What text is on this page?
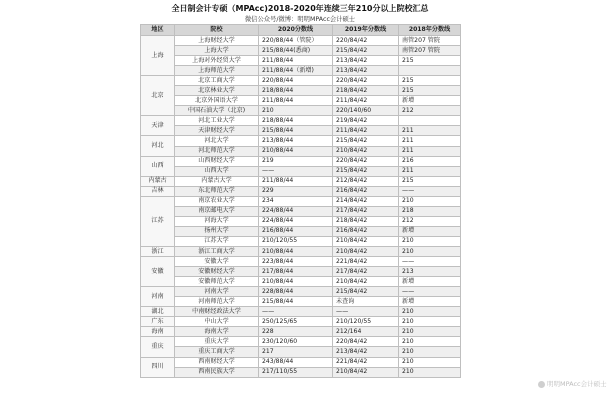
全日制会计专硕（MPAcc)2018-2020年连续三年210分以上院校汇总
微信公众号/微博：明明MPAcc会计硕士
地区	院校	2020分数线	2019年分数线	2018年分数线
上海	上海财经大学	220/88/44（管院）	220/84/42	南管207 管院
	上海大学	215/88/44(悉商)	215/84/42	南管207 管院
	上海对外经贸大学	211/88/44	213/84/42	215
	上海师范大学	211/88/44（新增)	213/84/42	
北京	北京工商大学	220/88/44	220/84/42	215
	北京林业大学	218/88/44	218/84/42	215
	北京外国语大学	211/88/44	211/84/42	新增
	中国石油大学（北京)	210	220/140/60	212
天津	河北工业大学	218/88/44	219/84/42	
	天津财经大学	215/88/44	211/84/42	211
河北	河北大学	213/88/44	215/84/42	211
	河北师范大学	210/88/44	210/84/42	211
山西	山西财经大学	219	220/84/42	216
	山西大学	——	215/84/42	211
内蒙古	内蒙古大学	211/88/44	212/84/42	215
吉林	东北师范大学	229	216/84/42	——
江苏	南京农业大学	234	214/84/42	210
	南京邮电大学	224/88/44	217/84/42	218
	河海大学	224/88/44	218/84/42	212
	扬州大学	216/88/44	216/84/42	新增
	江苏大学	210/120/55	210/84/42	210
浙江	浙江工商大学	210/88/44	210/84/42	210
安徽	安徽大学	223/88/44	221/84/42	——
	安徽财经大学	217/88/44	217/84/42	213
	安徽师范大学	210/88/44	210/84/42	新增
河南	河南大学	228/88/44	215/84/42	——
	河南师范大学	215/88/44	未查询	新增
湖北	中南财经政法大学	——	——	210
广东	中山大学	250/125/65	210/120/55	210
海南	海南大学	228	212/164	210
重庆	重庆大学	230/120/60	220/84/42	210
	重庆工商大学	217	213/84/42	210
四川	西南财经大学	243/88/44	221/84/42	210
	西南民族大学	217/110/55	210/84/42	210
明明MPAcc会计硕士
